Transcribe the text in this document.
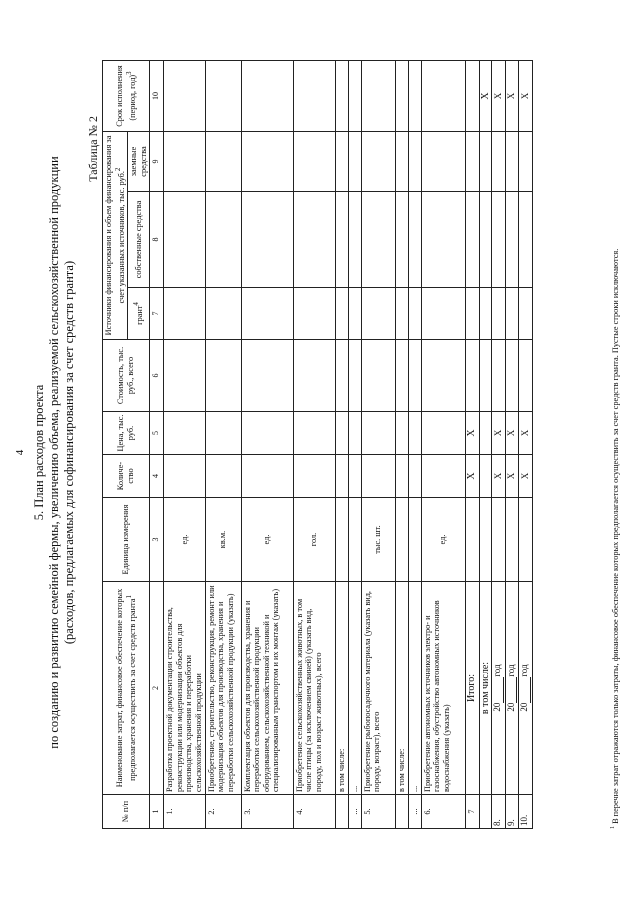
4 5. План расходов проекта по созданию и развитию семейной фермы, увеличению объема, реализуемой сельскохозяйственной продукции (расходов, предлагаемых для софинансирования за счет средств гранта)
Таблица № 2
№ п/п	Наименование затрат, финансовое обеспечение которых предполагается осуществить за счет средств гранта$^1$	Единица измерения	Количе-ство	Цена, тыс. руб.	Стоимость, тыс. руб., всего	Источники финансирования и объем финансирования за счет указанных источников, тыс. руб.$^2$			Срок исполнения (период, год)$^3$
						грант$^4$	собственные средства	заемные средства	
1	2	3	4	5	6	7	8	9	10
1.	Разработка проектной документации строительства, реконструкции или модернизации объектов для производства, хранения и переработки сельскохозяйственной продукции	ед.							
2.	Приобретение, строительство, реконструкция, ремонт или модернизация объектов для производства, хранения и переработки сельскохозяйственной продукции (указать)	кв.м.							
3.	Комплектация объектов для производства, хранения и переработки сельскохозяйственной продукции оборудованием, сельскохозяйственной техникой и специализированным транспортом и их монтаж (указать)	ед.							
4.	Приобретение сельскохозяйственных животных, в том числе птицы (за исключением свиней) (указать вид, породу, пол и возраст животных), всего	гол.							
	в том числе:								
...	...								
5.	Приобретение рыбопосадочного материала (указать вид, породу, возраст), всего	тыс. шт.							
	в том числе:								
...	...								
6.	Приобретение автономных источников электро- и газоснабжения, обустройство автономных источников водоснабжения (указать)	ед.							
7	Итого:		X	X					
	в том числе:								X
8.	20 год		X	X					X
9.	20 год		X	X					X
10.	20 год		X	X					X
$^1$ В перечне затрат отражаются только затраты, финансовое обеспечение которых предполагается осуществить за счет средств гранта. Пустые строки исключаются.
